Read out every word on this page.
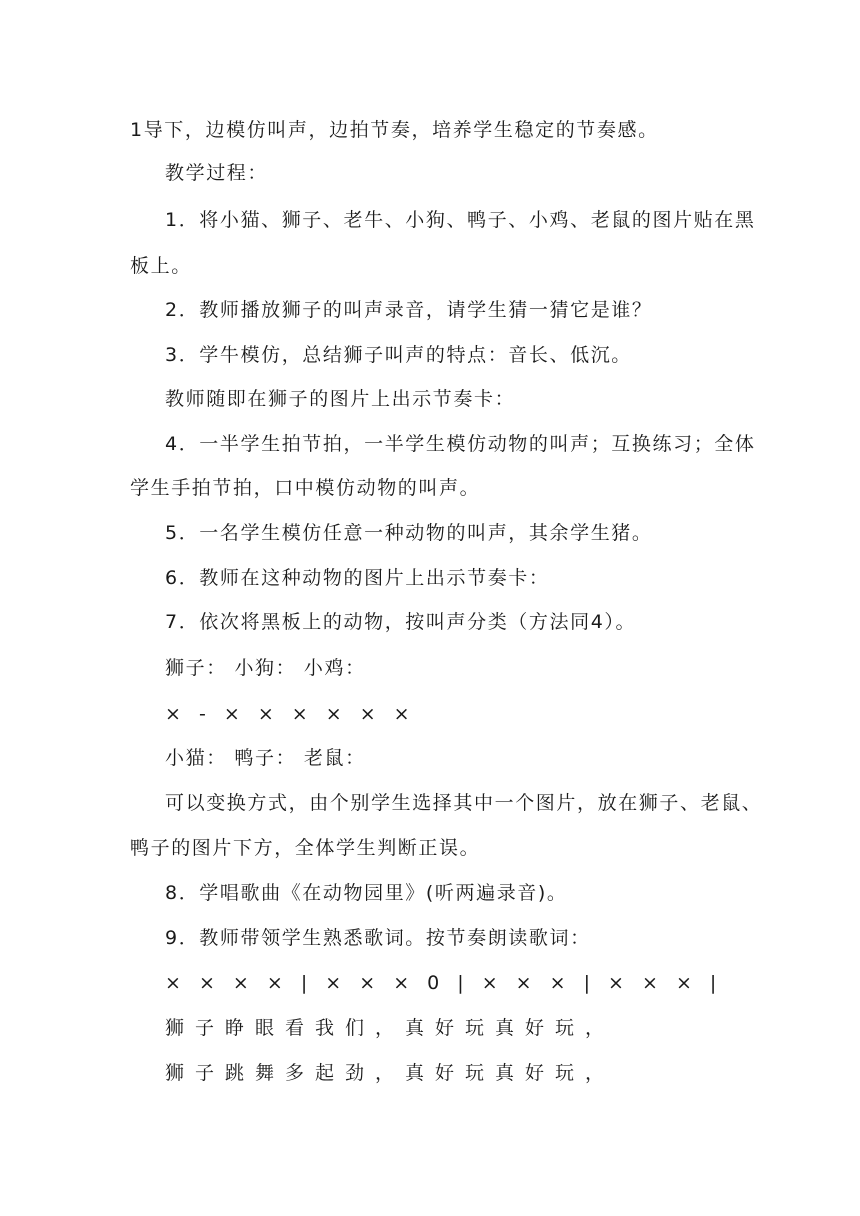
1导下，边模仿叫声，边拍节奏，培养学生稳定的节奏感。
教学过程：
1．将小猫、狮子、老牛、小狗、鸭子、小鸡、老鼠的图片贴在黑
板上。
2．教师播放狮子的叫声录音，请学生猜一猜它是谁？
3．学牛模仿，总结狮子叫声的特点：音长、低沉。
教师随即在狮子的图片上出示节奏卡：
4．一半学生拍节拍，一半学生模仿动物的叫声；互换练习；全体
学生手拍节拍，口中模仿动物的叫声。
5．一名学生模仿任意一种动物的叫声，其余学生猪。
6．教师在这种动物的图片上出示节奏卡：
7．依次将黑板上的动物，按叫声分类（方法同4）。
狮子： 小狗： 小鸡：
× - × × × × × ×
小猫： 鸭子： 老鼠：
可以变换方式，由个别学生选择其中一个图片，放在狮子、老鼠、
鸭子的图片下方，全体学生判断正误。
8．学唱歌曲《在动物园里》(听两遍录音)。
9．教师带领学生熟悉歌词。按节奏朗读歌词：
× × × × | × × × 0 | × × × | × × × |
狮子睁眼看我们，真好玩真好玩，
狮子跳舞多起劲，真好玩真好玩，
